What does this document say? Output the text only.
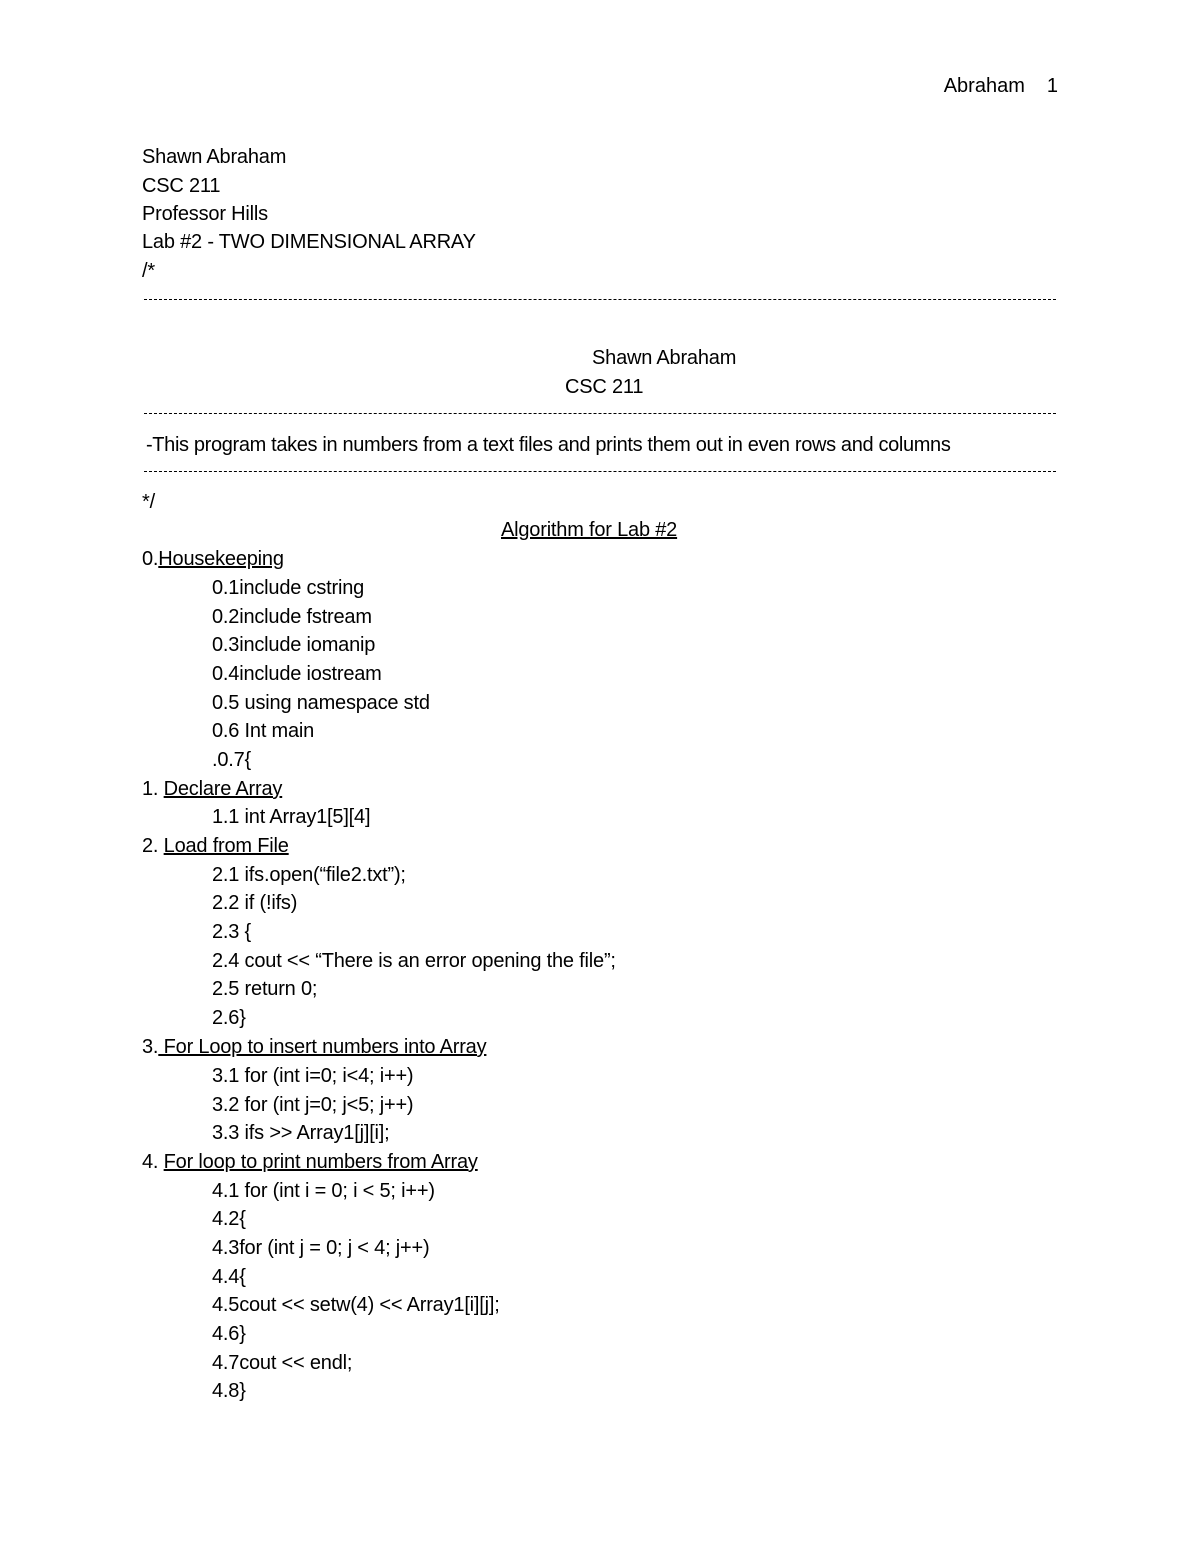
Abraham 1
Shawn Abraham
CSC 211
Professor Hills
Lab #2 - TWO DIMENSIONAL ARRAY
/*
Shawn Abraham
CSC 211
-This program takes in numbers from a text files and prints them out in even rows and columns
*/
Algorithm for Lab #2
0.Housekeeping
0.1include cstring
0.2include fstream
0.3include iomanip
0.4include iostream
0.5 using namespace std
0.6 Int main
.0.7{
1. Declare Array
1.1 int Array1[5][4]
2. Load from File
2.1 ifs.open(“file2.txt”);
2.2 if (!ifs)
2.3 {
2.4 cout << “There is an error opening the file”;
2.5 return 0;
2.6}
3. For Loop to insert numbers into Array
3.1 for (int i=0; i<4; i++)
3.2 for (int j=0; j<5; j++)
3.3 ifs >> Array1[j][i];
4. For loop to print numbers from Array
4.1 for (int i = 0; i < 5; i++)
4.2{
4.3for (int j = 0; j < 4; j++)
4.4{
4.5cout << setw(4) << Array1[i][j];
4.6}
4.7cout << endl;
4.8}
